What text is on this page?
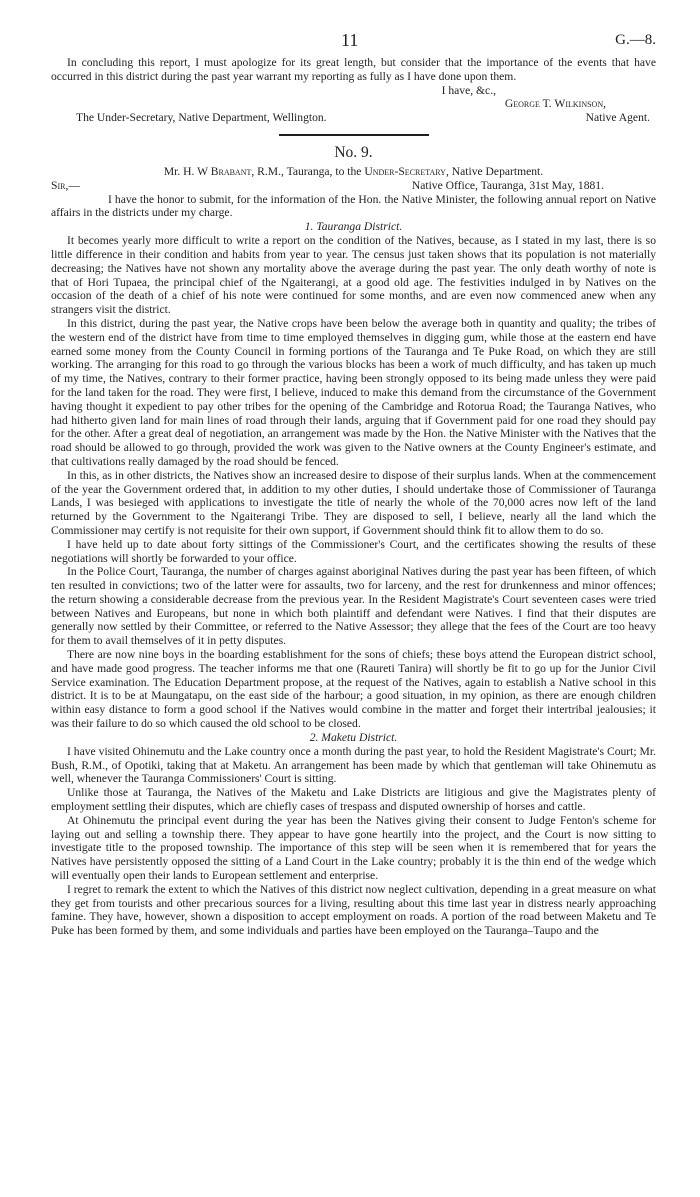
11	G.—8.

In concluding this report, I must apologize for its great length, but consider that the importance of the events that have occurred in this district during the past year warrant my reporting as fully as I have done upon them.

I have, &c.,
George T. Wilkinson,
The Under-Secretary, Native Department, Wellington.	Native Agent.
No. 9.
Mr. H. W Brabant, R.M., Tauranga, to the Under-Secretary, Native Department.
Sir,—	Native Office, Tauranga, 31st May, 1881.

I have the honor to submit, for the information of the Hon. the Native Minister, the following annual report on Native affairs in the districts under my charge.

1. Tauranga District.

It becomes yearly more difficult to write a report on the condition of the Natives, because, as I stated in my last, there is so little difference in their condition and habits from year to year. The census just taken shows that its population is not materially decreasing; the Natives have not shown any mortality above the average during the past year. The only death worthy of note is that of Hori Tupaea, the principal chief of the Ngaiterangi, at a good old age. The festivities indulged in by Natives on the occasion of the death of a chief of his note were continued for some months, and are even now commenced anew when any strangers visit the district.

In this district, during the past year, the Native crops have been below the average both in quantity and quality; the tribes of the western end of the district have from time to time employed themselves in digging gum, while those at the eastern end have earned some money from the County Council in forming portions of the Tauranga and Te Puke Road, on which they are still working. The arranging for this road to go through the various blocks has been a work of much difficulty, and has taken up much of my time, the Natives, contrary to their former practice, having been strongly opposed to its being made unless they were paid for the land taken for the road. They were first, I believe, induced to make this demand from the circumstance of the Government having thought it expedient to pay other tribes for the opening of the Cambridge and Rotorua Road; the Tauranga Natives, who had hitherto given land for main lines of road through their lands, arguing that if Government paid for one road they should pay for the other. After a great deal of negotiation, an arrangement was made by the Hon. the Native Minister with the Natives that the road should be allowed to go through, provided the work was given to the Native owners at the County Engineer's estimate, and that cultivations really damaged by the road should be fenced.

In this, as in other districts, the Natives show an increased desire to dispose of their surplus lands. When at the commencement of the year the Government ordered that, in addition to my other duties, I should undertake those of Commissioner of Tauranga Lands, I was besieged with applications to investigate the title of nearly the whole of the 70,000 acres now left of the land returned by the Government to the Ngaiterangi Tribe. They are disposed to sell, I believe, nearly all the land which the Commissioner may certify is not requisite for their own support, if Government should think fit to allow them to do so.

I have held up to date about forty sittings of the Commissioner's Court, and the certificates showing the results of these negotiations will shortly be forwarded to your office.

In the Police Court, Tauranga, the number of charges against aboriginal Natives during the past year has been fifteen, of which ten resulted in convictions; two of the latter were for assaults, two for larceny, and the rest for drunkenness and minor offences; the return showing a considerable decrease from the previous year. In the Resident Magistrate's Court seventeen cases were tried between Natives and Europeans, but none in which both plaintiff and defendant were Natives. I find that their disputes are generally now settled by their Committee, or referred to the Native Assessor; they allege that the fees of the Court are too heavy for them to avail themselves of it in petty disputes.

There are now nine boys in the boarding establishment for the sons of chiefs; these boys attend the European district school, and have made good progress. The teacher informs me that one (Raureti Tanira) will shortly be fit to go up for the Junior Civil Service examination. The Education Department propose, at the request of the Natives, again to establish a Native school in this district. It is to be at Maungatapu, on the east side of the harbour; a good situation, in my opinion, as there are enough children within easy distance to form a good school if the Natives would combine in the matter and forget their intertribal jealousies; it was their failure to do so which caused the old school to be closed.

2. Maketu District.

I have visited Ohinemutu and the Lake country once a month during the past year, to hold the Resident Magistrate's Court; Mr. Bush, R.M., of Opotiki, taking that at Maketu. An arrangement has been made by which that gentleman will take Ohinemutu as well, whenever the Tauranga Commissioners' Court is sitting.

Unlike those at Tauranga, the Natives of the Maketu and Lake Districts are litigious and give the Magistrates plenty of employment settling their disputes, which are chiefly cases of trespass and disputed ownership of horses and cattle.

At Ohinemutu the principal event during the year has been the Natives giving their consent to Judge Fenton's scheme for laying out and selling a township there. They appear to have gone heartily into the project, and the Court is now sitting to investigate title to the proposed township. The importance of this step will be seen when it is remembered that for years the Natives have persistently opposed the sitting of a Land Court in the Lake country; probably it is the thin end of the wedge which will eventually open their lands to European settlement and enterprise.

I regret to remark the extent to which the Natives of this district now neglect cultivation, depending in a great measure on what they get from tourists and other precarious sources for a living, resulting about this time last year in distress nearly approaching famine. They have, however, shown a disposition to accept employment on roads. A portion of the road between Maketu and Te Puke has been formed by them, and some individuals and parties have been employed on the Tauranga–Taupo and the
